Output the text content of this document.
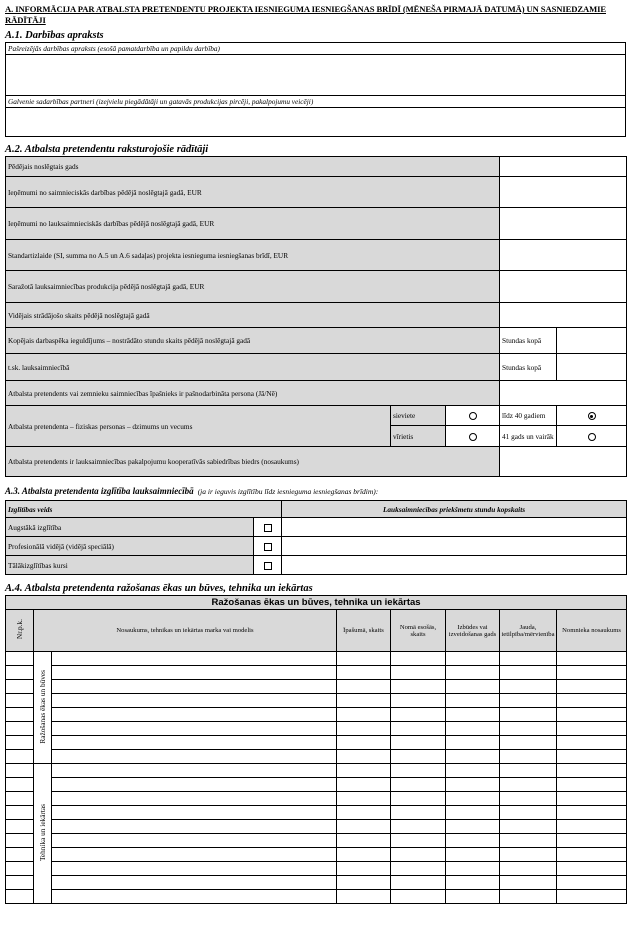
A. INFORMĀCIJA PAR ATBALSTA PRETENDENTU PROJEKTA IESNIEGUMA IESNIEGŠANAS BRĪDĪ (MĒNEŠA PIRMAJĀ DATUMĀ) UN SASNIEDZAMIE RĀDĪTĀJI
A.1. Darbības apraksts
Pašreizējās darbības apraksts (esošā pamatdarbība un papildu darbība)

Galvenie sadarbības partneri (izejvielu piegādātāji un gatavās produkcijas pircēji, pakalpojumu veicēji)

A.2. Atbalsta pretendentu raksturojošie rādītāji
Pēdējais noslēgtais gads				
Ieņēmumi no saimnieciskās darbības pēdējā noslēgtajā gadā, EUR				
Ieņēmumi no lauksaimnieciskās darbības pēdējā noslēgtajā gadā, EUR				
Standartizlaide (SI, summa no A.5 un A.6 sadaļas) projekta iesnieguma iesniegšanas brīdī, EUR				
Saražotā lauksaimniecības produkcija pēdējā noslēgtajā gadā, EUR				
Vidējais strādājošo skaits pēdējā noslēgtajā gadā				
Kopējais darbaspēka ieguldījums – nostrādāto stundu skaits pēdējā noslēgtajā gadā			Stundas kopā	
t.sk. lauksaimniecībā			Stundas kopā	
Atbalsta pretendents vai zemnieku saimniecības īpašnieks ir pašnodarbināta persona (Jā/Nē)				
Atbalsta pretendenta – fiziskas personas – dzimums un vecums	sieviete		līdz 40 gadiem	
	vīrietis		41 gads un vairāk	
Atbalsta pretendents ir lauksaimniecības pakalpojumu kooperatīvās sabiedrības biedrs (nosaukums)				
A.3. Atbalsta pretendenta izglītība lauksaimniecībā (ja ir ieguvis izglītību līdz iesnieguma iesniegšanas brīdim):
Izglītības veids		Lauksaimniecības priekšmetu stundu kopskaits
Augstākā izglītība		
Profesionālā vidējā (vidējā speciālā)		
Tālākizglītības kursi		
A.4. Atbalsta pretendenta ražošanas ēkas un būves, tehnika un iekārtas
Ražošanas ēkas un būves, tehnika un iekārtas							
Nr.p.k.	Nosaukums, tehnikas un iekārtas marka vai modelis		Īpašumā, skaits	Nomā esošās, skaits	Izbūdes vai izveidošanas gads	Jauda, ietilpība/mērvienība	Nomnieka nosaukums
	Ražošanas ēkas un būves						

	Tehnika un iekārtas						
